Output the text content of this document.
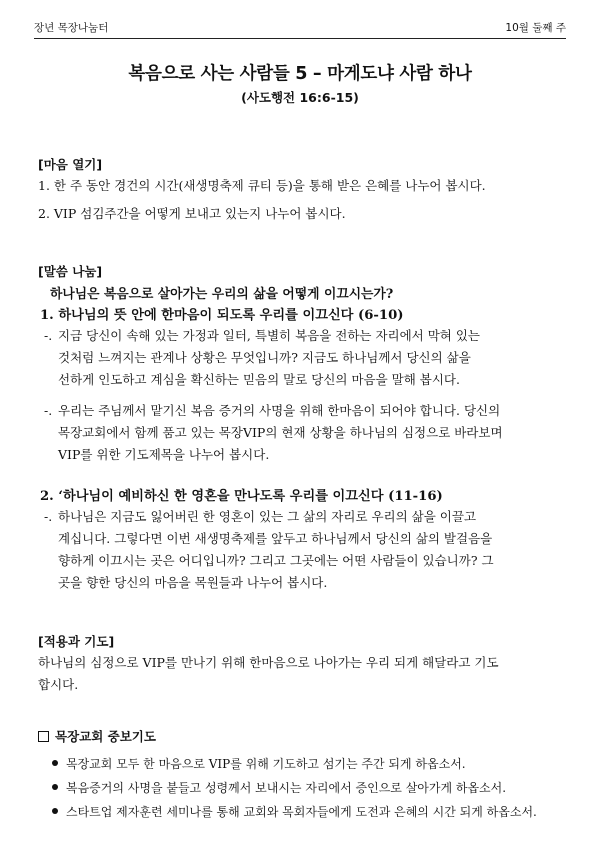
장년 목장나눔터	10월 둘째 주
복음으로 사는 사람들 5 – 마게도냐 사람 하나
(사도행전 16:6-15)
[마음 열기]
1. 한 주 동안 경건의 시간(새생명축제 큐티 등)을 통해 받은 은혜를 나누어 봅시다.
2. VIP 섬김주간을 어떻게 보내고 있는지 나누어 봅시다.
[말씀 나눔]
하나님은 복음으로 살아가는 우리의 삶을 어떻게 이끄시는가?
1. 하나님의 뜻 안에 한마음이 되도록 우리를 이끄신다 (6-10)
-. 지금 당신이 속해 있는 가정과 일터, 특별히 복음을 전하는 자리에서 막혀 있는
것처럼 느껴지는 관계나 상황은 무엇입니까? 지금도 하나님께서 당신의 삶을
선하게 인도하고 계심을 확신하는 믿음의 말로 당신의 마음을 말해 봅시다.
-. 우리는 주님께서 맡기신 복음 증거의 사명을 위해 한마음이 되어야 합니다. 당신의
목장교회에서 함께 품고 있는 목장VIP의 현재 상황을 하나님의 심정으로 바라보며
VIP를 위한 기도제목을 나누어 봅시다.
2. ‘하나님이 예비하신 한 영혼을 만나도록 우리를 이끄신다 (11-16)
-. 하나님은 지금도 잃어버린 한 영혼이 있는 그 삶의 자리로 우리의 삶을 이끌고
계십니다. 그렇다면 이번 새생명축제를 앞두고 하나님께서 당신의 삶의 발걸음을
향하게 이끄시는 곳은 어디입니까? 그리고 그곳에는 어떤 사람들이 있습니까? 그
곳을 향한 당신의 마음을 목원들과 나누어 봅시다.
[적용과 기도]
하나님의 심정으로 VIP를 만나기 위해 한마음으로 나아가는 우리 되게 해달라고 기도
합시다.
목장교회 중보기도
목장교회 모두 한 마음으로 VIP를 위해 기도하고 섬기는 주간 되게 하옵소서.
복음증거의 사명을 붙들고 성령께서 보내시는 자리에서 증인으로 살아가게 하옵소서.
스타트업 제자훈련 세미나를 통해 교회와 목회자들에게 도전과 은혜의 시간 되게 하옵소서.
